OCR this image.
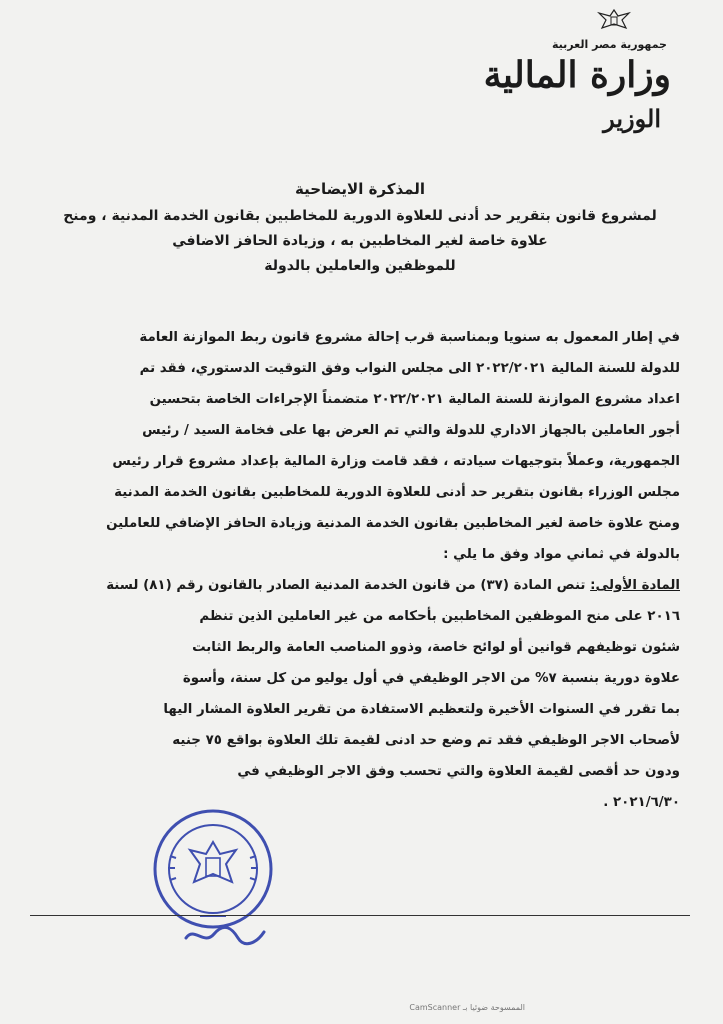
جمهورية مصر العربية
وزارة المالية
الوزير
المذكرة الايضاحية
لمشروع قانون بتقرير حد أدنى للعلاوة الدورية للمخاطبين بقانون الخدمة المدنية ، ومنح
علاوة خاصة لغير المخاطبين به ، وزيادة الحافز الاضافي
للموظفين والعاملين بالدولة
في إطار المعمول به سنويا وبمناسبة قرب إحالة مشروع قانون ربط الموازنة العامة
للدولة للسنة المالية ٢٠٢٢/٢٠٢١ الى مجلس النواب وفق التوقيت الدستوري، فقد تم
اعداد مشروع الموازنة للسنة المالية ٢٠٢٢/٢٠٢١ متضمناً الإجراءات الخاصة بتحسين
أجور العاملين بالجهاز الاداري للدولة والتي تم العرض بها على فخامة السيد / رئيس
الجمهورية، وعملاً بتوجيهات سيادته ، فقد قامت وزارة المالية بإعداد مشروع قرار رئيس
مجلس الوزراء بقانون بتقرير حد أدنى للعلاوة الدورية للمخاطبين بقانون الخدمة المدنية
ومنح علاوة خاصة لغير المخاطبين بقانون الخدمة المدنية وزيادة الحافز الإضافي للعاملين
بالدولة في ثماني مواد وفق ما يلي :
المادة الأولى: تنص المادة (٣٧) من قانون الخدمة المدنية الصادر بالقانون رقم (٨١) لسنة
٢٠١٦ على منح الموظفين المخاطبين بأحكامه من غير العاملين الذين تنظم
شئون توظيفهم قوانين أو لوائح خاصة، وذوو المناصب العامة والربط الثابت
علاوة دورية بنسبة ٧% من الاجر الوظيفي في أول يوليو من كل سنة، وأسوة
بما تقرر في السنوات الأخيرة ولتعظيم الاستفادة من تقرير العلاوة المشار اليها
لأصحاب الاجر الوظيفي فقد تم وضع حد ادنى لقيمة تلك العلاوة بواقع ٧٥ جنيه
ودون حد أقصى لقيمة العلاوة والتي تحسب وفق الاجر الوظيفي في
٢٠٢١/٦/٣٠ .
الممسوحة ضوئيا بـ CamScanner
